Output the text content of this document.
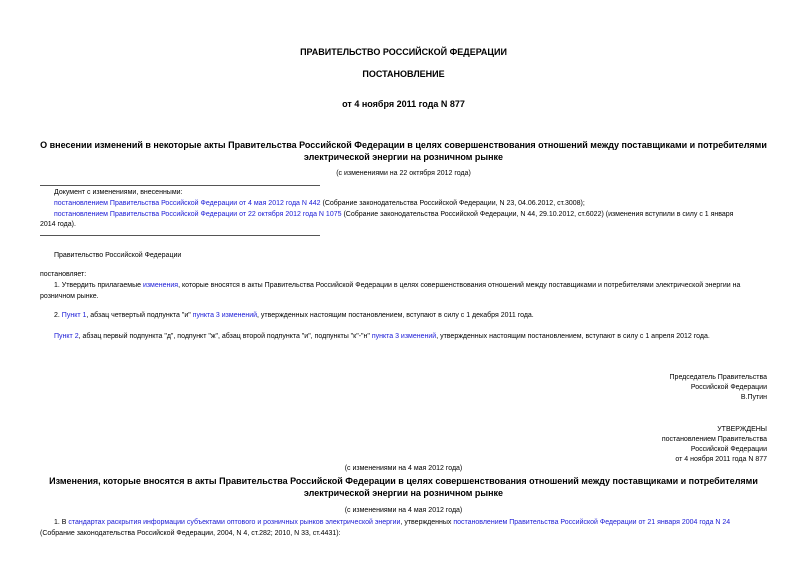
ПРАВИТЕЛЬСТВО РОССИЙСКОЙ ФЕДЕРАЦИИ
ПОСТАНОВЛЕНИЕ
от 4 ноября 2011 года N 877
О внесении изменений в некоторые акты Правительства Российской Федерации в целях совершенствования отношений между поставщиками и потребителями
электрической энергии на розничном рынке
(с изменениями на 22 октября 2012 года)
Документ с изменениями, внесенными:
постановлением Правительства Российской Федерации от 4 мая 2012 года N 442 (Собрание законодательства Российской Федерации, N 23, 04.06.2012, ст.3008);
постановлением Правительства Российской Федерации от 22 октября 2012 года N 1075 (Собрание законодательства Российской Федерации, N 44, 29.10.2012, ст.6022) (изменения вступили в силу с 1 января
2014 года).
Правительство Российской Федерации
постановляет:
1. Утвердить прилагаемые изменения, которые вносятся в акты Правительства Российской Федерации в целях совершенствования отношений между поставщиками и потребителями электрической энергии на
розничном рынке.
2. Пункт 1, абзац четвертый подпункта "и" пункта 3 изменений, утвержденных настоящим постановлением, вступают в силу с 1 декабря 2011 года.
Пункт 2, абзац первый подпункта "д", подпункт "ж", абзац второй подпункта "и", подпункты "к"-"н" пункта 3 изменений, утвержденных настоящим постановлением, вступают в силу с 1 апреля 2012 года.
Председатель Правительства
Российской Федерации
В.Путин
УТВЕРЖДЕНЫ
постановлением Правительства
Российской Федерации
от 4 ноября 2011 года N 877
(с изменениями на 4 мая 2012 года)
Изменения, которые вносятся в акты Правительства Российской Федерации в целях совершенствования отношений между поставщиками и потребителями
электрической энергии на розничном рынке
(с изменениями на 4 мая 2012 года)
1. В стандартах раскрытия информации субъектами оптового и розничных рынков электрической энергии, утвержденных постановлением Правительства Российской Федерации от 21 января 2004 года N 24
(Собрание законодательства Российской Федерации, 2004, N 4, ст.282; 2010, N 33, ст.4431):
